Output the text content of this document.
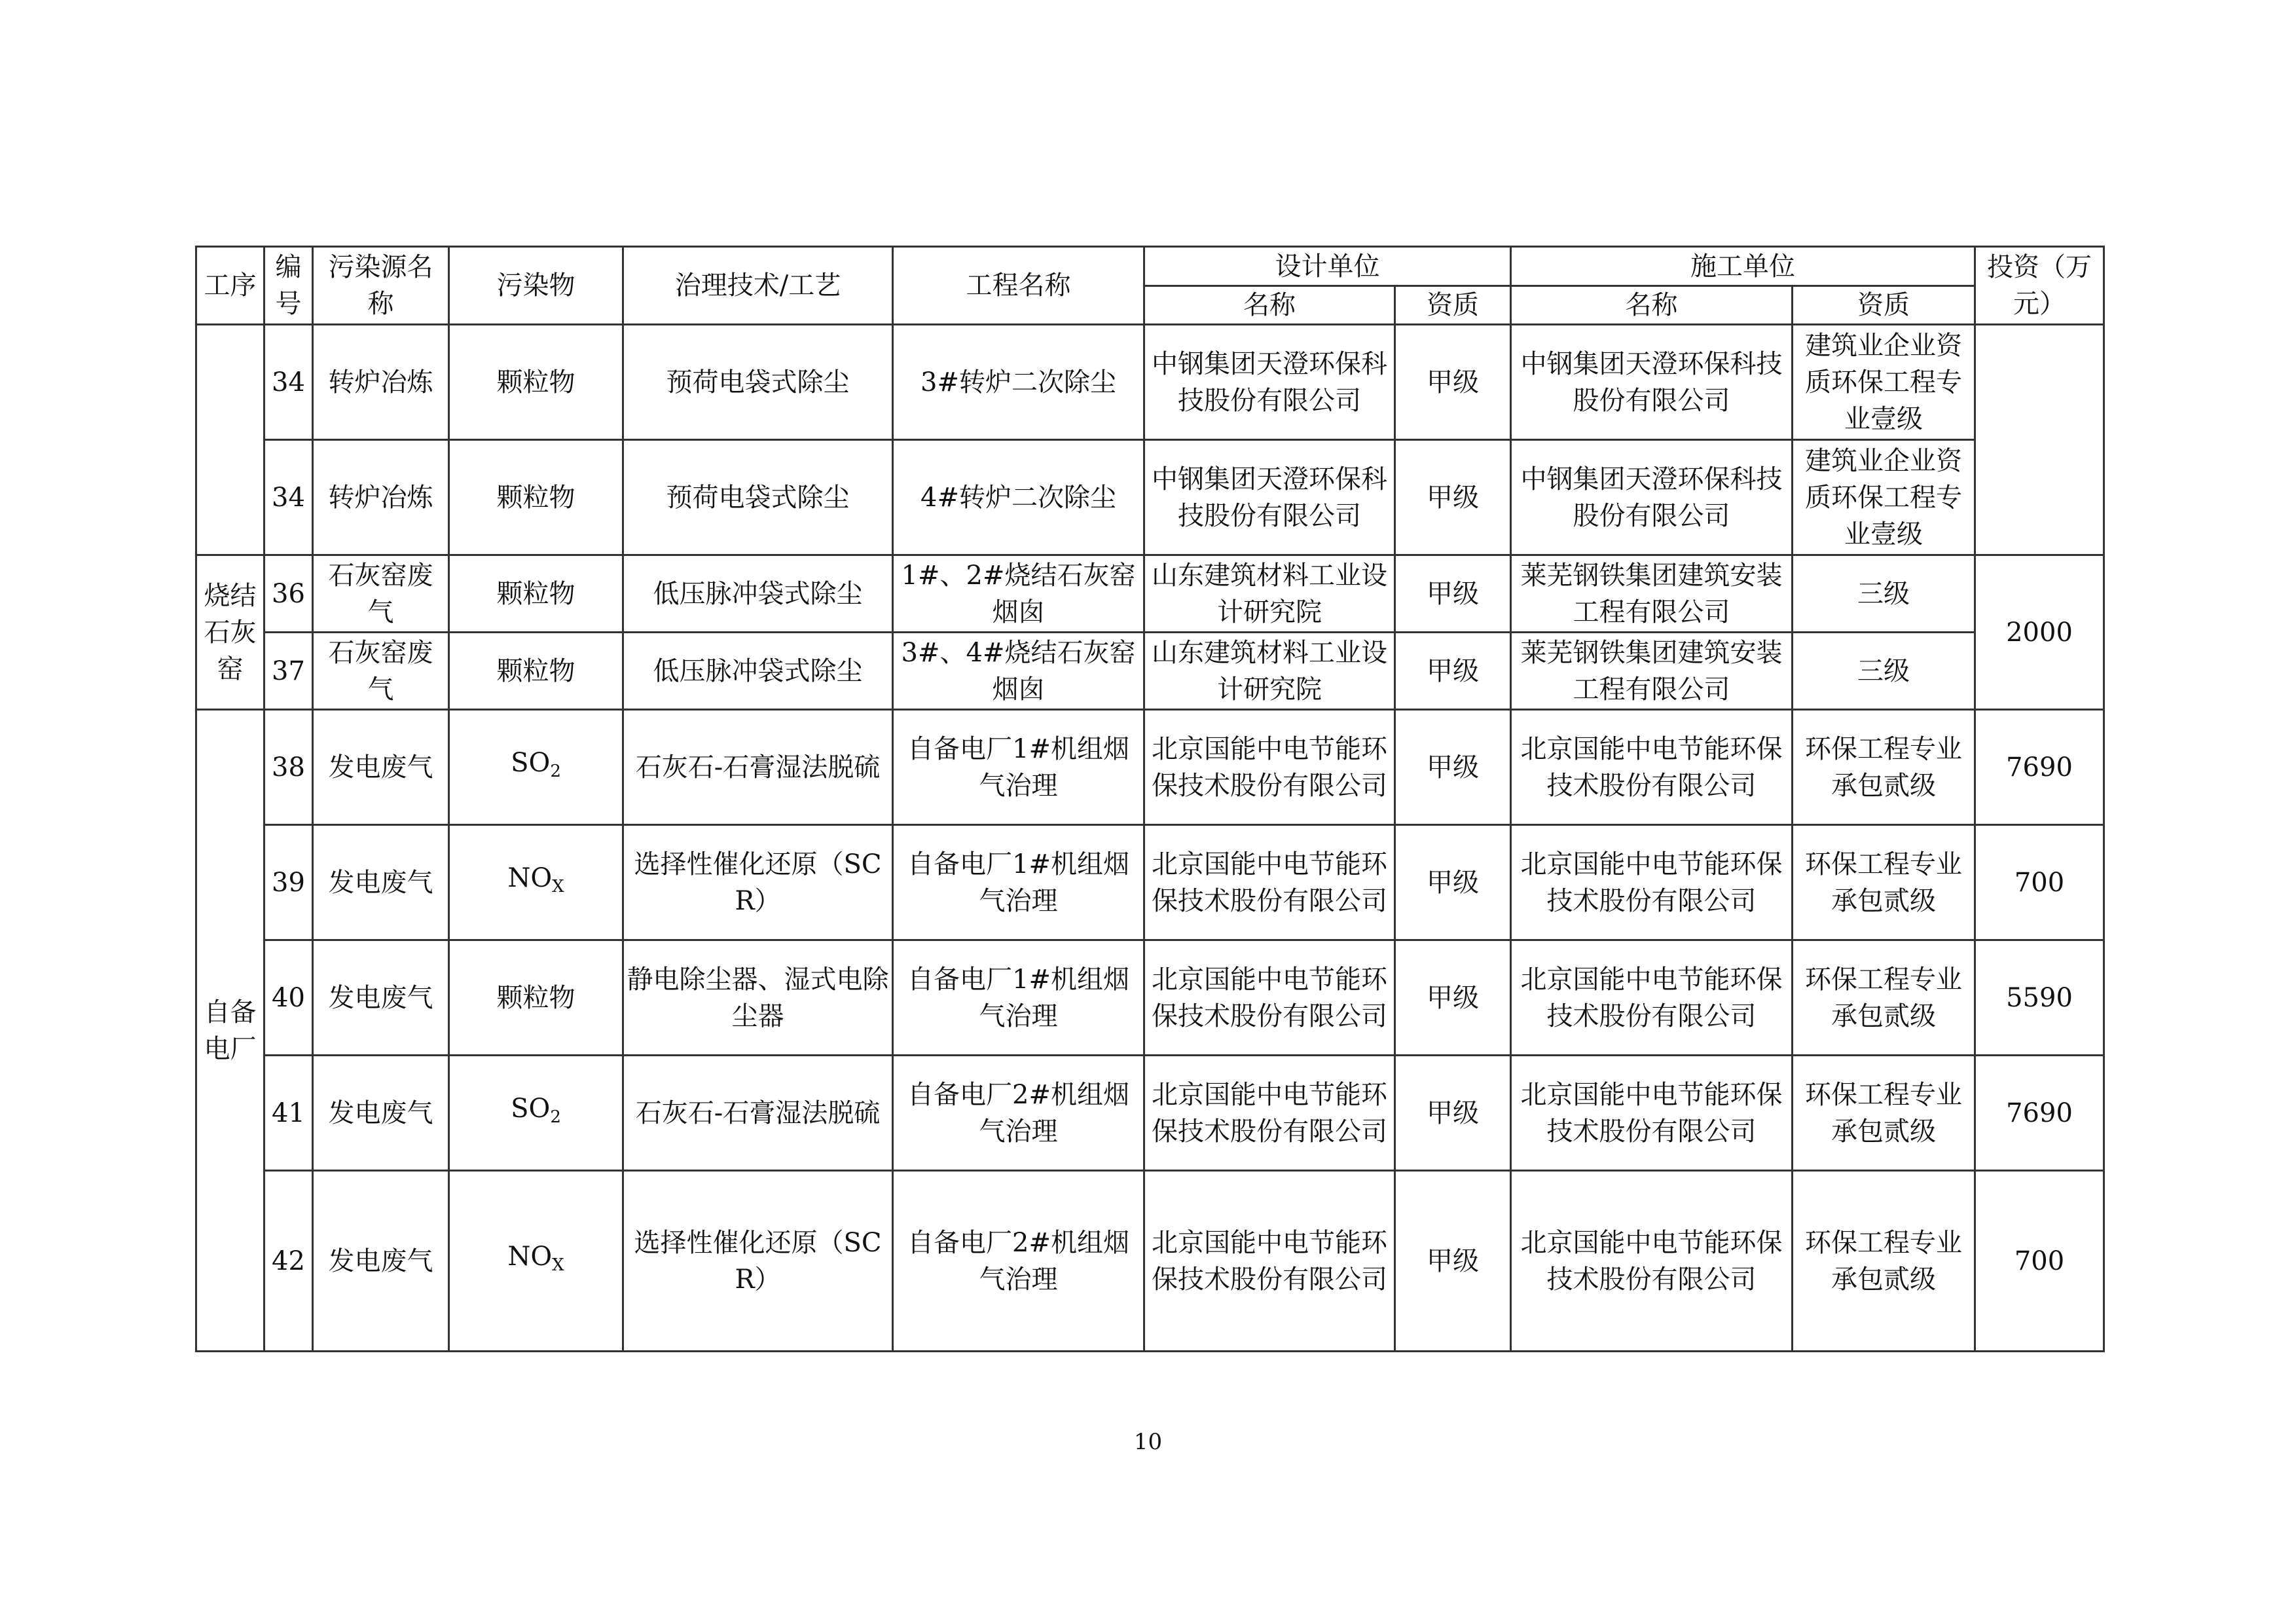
工序	编号	污染源名称	污染物	治理技术/工艺	工程名称	设计单位		施工单位		投资（万元）
						名称	资质	名称	资质	
	34	转炉冶炼	颗粒物	预荷电袋式除尘	3#转炉二次除尘	中钢集团天澄环保科技股份有限公司	甲级	中钢集团天澄环保科技股份有限公司	建筑业企业资质环保工程专业壹级	
	34	转炉冶炼	颗粒物	预荷电袋式除尘	4#转炉二次除尘	中钢集团天澄环保科技股份有限公司	甲级	中钢集团天澄环保科技股份有限公司	建筑业企业资质环保工程专业壹级	
烧结石灰窑	36	石灰窑废气	颗粒物	低压脉冲袋式除尘	1#、2#烧结石灰窑烟囱	山东建筑材料工业设计研究院	甲级	莱芜钢铁集团建筑安装工程有限公司	三级	2000
	37	石灰窑废气	颗粒物	低压脉冲袋式除尘	3#、4#烧结石灰窑烟囱	山东建筑材料工业设计研究院	甲级	莱芜钢铁集团建筑安装工程有限公司	三级	
自备电厂	38	发电废气	$SO_2$	石灰石-石膏湿法脱硫	自备电厂1#机组烟气治理	北京国能中电节能环保技术股份有限公司	甲级	北京国能中电节能环保技术股份有限公司	环保工程专业承包贰级	7690
	39	发电废气	$NO_X$	选择性催化还原（SCR）	自备电厂1#机组烟气治理	北京国能中电节能环保技术股份有限公司	甲级	北京国能中电节能环保技术股份有限公司	环保工程专业承包贰级	700
	40	发电废气	颗粒物	静电除尘器、湿式电除尘器	自备电厂1#机组烟气治理	北京国能中电节能环保技术股份有限公司	甲级	北京国能中电节能环保技术股份有限公司	环保工程专业承包贰级	5590
	41	发电废气	$SO_2$	石灰石-石膏湿法脱硫	自备电厂2#机组烟气治理	北京国能中电节能环保技术股份有限公司	甲级	北京国能中电节能环保技术股份有限公司	环保工程专业承包贰级	7690
	42	发电废气	$NO_X$	选择性催化还原（SCR）	自备电厂2#机组烟气治理	北京国能中电节能环保技术股份有限公司	甲级	北京国能中电节能环保技术股份有限公司	环保工程专业承包贰级	700
10
